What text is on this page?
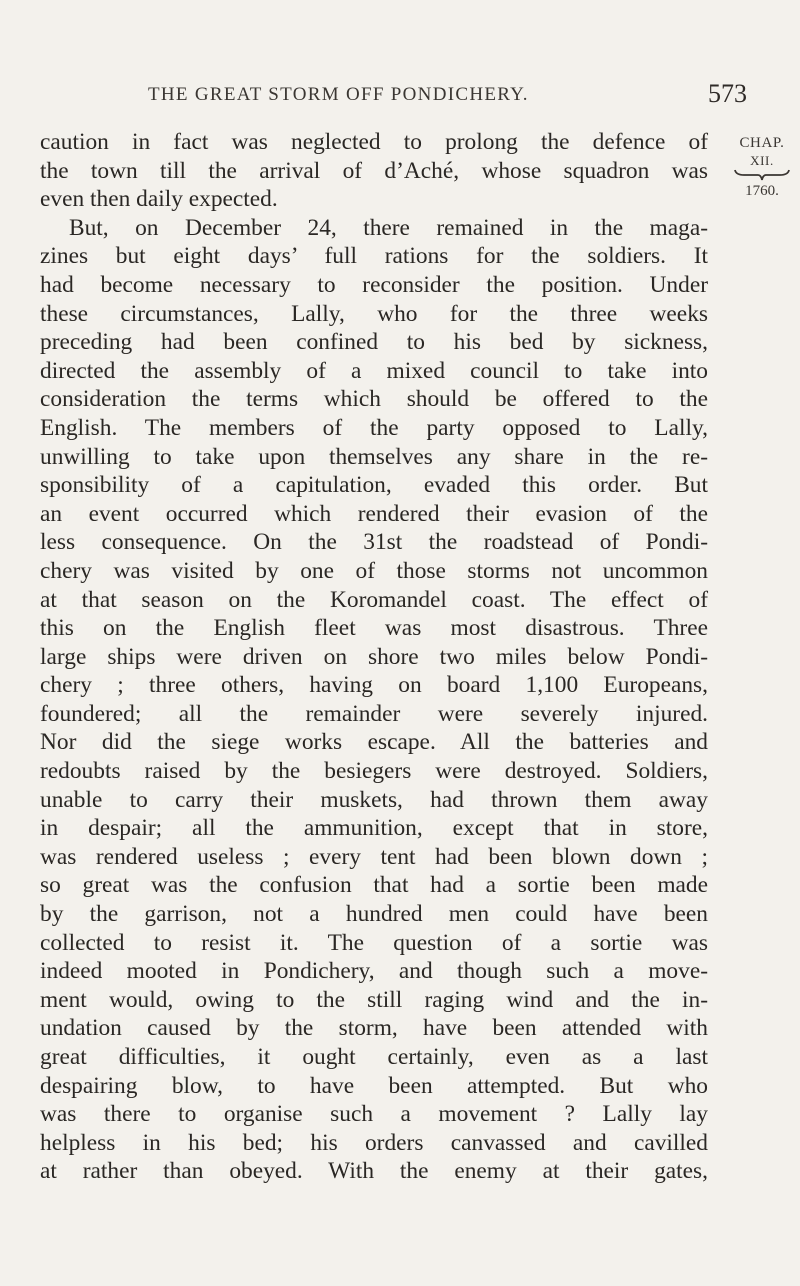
THE GREAT STORM OFF PONDICHERY.	573
CHAP.
XII.
1760.
caution in fact was neglected to prolong the defence of
the town till the arrival of d’Aché, whose squadron was
even then daily expected.
But, on December 24, there remained in the maga-
zines but eight days’ full rations for the soldiers. It
had become necessary to reconsider the position. Under
these circumstances, Lally, who for the three weeks
preceding had been confined to his bed by sickness,
directed the assembly of a mixed council to take into
consideration the terms which should be offered to the
English. The members of the party opposed to Lally,
unwilling to take upon themselves any share in the re-
sponsibility of a capitulation, evaded this order. But
an event occurred which rendered their evasion of the
less consequence. On the 31st the roadstead of Pondi-
chery was visited by one of those storms not uncommon
at that season on the Koromandel coast. The effect of
this on the English fleet was most disastrous. Three
large ships were driven on shore two miles below Pondi-
chery ; three others, having on board 1,100 Europeans,
foundered; all the remainder were severely injured.
Nor did the siege works escape. All the batteries and
redoubts raised by the besiegers were destroyed. Soldiers,
unable to carry their muskets, had thrown them away
in despair; all the ammunition, except that in store,
was rendered useless ; every tent had been blown down ;
so great was the confusion that had a sortie been made
by the garrison, not a hundred men could have been
collected to resist it. The question of a sortie was
indeed mooted in Pondichery, and though such a move-
ment would, owing to the still raging wind and the in-
undation caused by the storm, have been attended with
great difficulties, it ought certainly, even as a last
despairing blow, to have been attempted. But who
was there to organise such a movement ? Lally lay
helpless in his bed; his orders canvassed and cavilled
at rather than obeyed. With the enemy at their gates,
